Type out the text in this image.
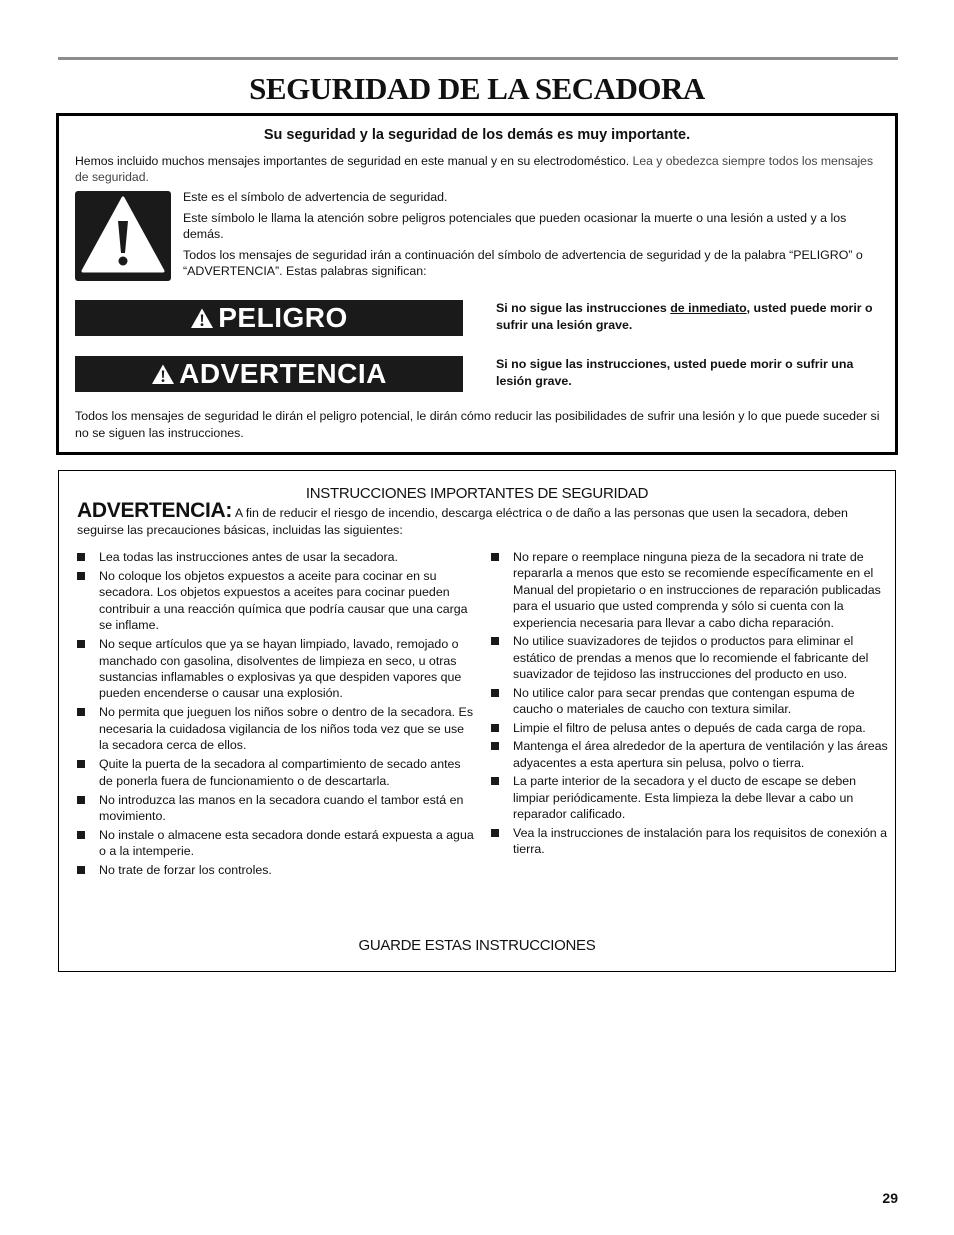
SEGURIDAD DE LA SECADORA
Su seguridad y la seguridad de los demás es muy importante.
Hemos incluido muchos mensajes importantes de seguridad en este manual y en su electrodoméstico. Lea y obedezca siempre todos los mensajes de seguridad.

Este es el símbolo de advertencia de seguridad.

Este símbolo le llama la atención sobre peligros potenciales que pueden ocasionar la muerte o una lesión a usted y a los demás.

Todos los mensajes de seguridad irán a continuación del símbolo de advertencia de seguridad y de la palabra “PELIGRO” o “ADVERTENCIA”. Estas palabras significan:

PELIGRO	Si no sigue las instrucciones de inmediato, usted puede morir o sufrir una lesión grave.
ADVERTENCIA	Si no sigue las instrucciones, usted puede morir o sufrir una lesión grave.
Todos los mensajes de seguridad le dirán el peligro potencial, le dirán cómo reducir las posibilidades de sufrir una lesión y lo que puede suceder si no se siguen las instrucciones.
INSTRUCCIONES IMPORTANTES DE SEGURIDAD
ADVERTENCIA: A fin de reducir el riesgo de incendio, descarga eléctrica o de daño a las personas que usen la secadora, deben seguirse las precauciones básicas, incluidas las siguientes:
Lea todas las instrucciones antes de usar la secadora.
No coloque los objetos expuestos a aceite para cocinar en su secadora. Los objetos expuestos a aceites para cocinar pueden contribuir a una reacción química que podría causar que una carga se inflame.
No seque artículos que ya se hayan limpiado, lavado, remojado o manchado con gasolina, disolventes de limpieza en seco, u otras sustancias inflamables o explosivas ya que despiden vapores que pueden encenderse o causar una explosión.
No permita que jueguen los niños sobre o dentro de la secadora. Es necesaria la cuidadosa vigilancia de los niños toda vez que se use la secadora cerca de ellos.
Quite la puerta de la secadora al compartimiento de secado antes de ponerla fuera de funcionamiento o de descartarla.
No introduzca las manos en la secadora cuando el tambor está en movimiento.
No instale o almacene esta secadora donde estará expuesta a agua o a la intemperie.
No trate de forzar los controles.
No repare o reemplace ninguna pieza de la secadora ni trate de repararla a menos que esto se recomiende específicamente en el Manual del propietario o en instrucciones de reparación publicadas para el usuario que usted comprenda y sólo si cuenta con la experiencia necesaria para llevar a cabo dicha reparación.
No utilice suavizadores de tejidos o productos para eliminar el estático de prendas a menos que lo recomiende el fabricante del suavizador de tejidoso las instrucciones del producto en uso.
No utilice calor para secar prendas que contengan espuma de caucho o materiales de caucho con textura similar.
Limpie el filtro de pelusa antes o depués de cada carga de ropa.
Mantenga el área alrededor de la apertura de ventilación y las áreas adyacentes a esta apertura sin pelusa, polvo o tierra.
La parte interior de la secadora y el ducto de escape se deben limpiar periódicamente. Esta limpieza la debe llevar a cabo un reparador calificado.
Vea la instrucciones de instalación para los requisitos de conexión a tierra.
GUARDE ESTAS INSTRUCCIONES
29
